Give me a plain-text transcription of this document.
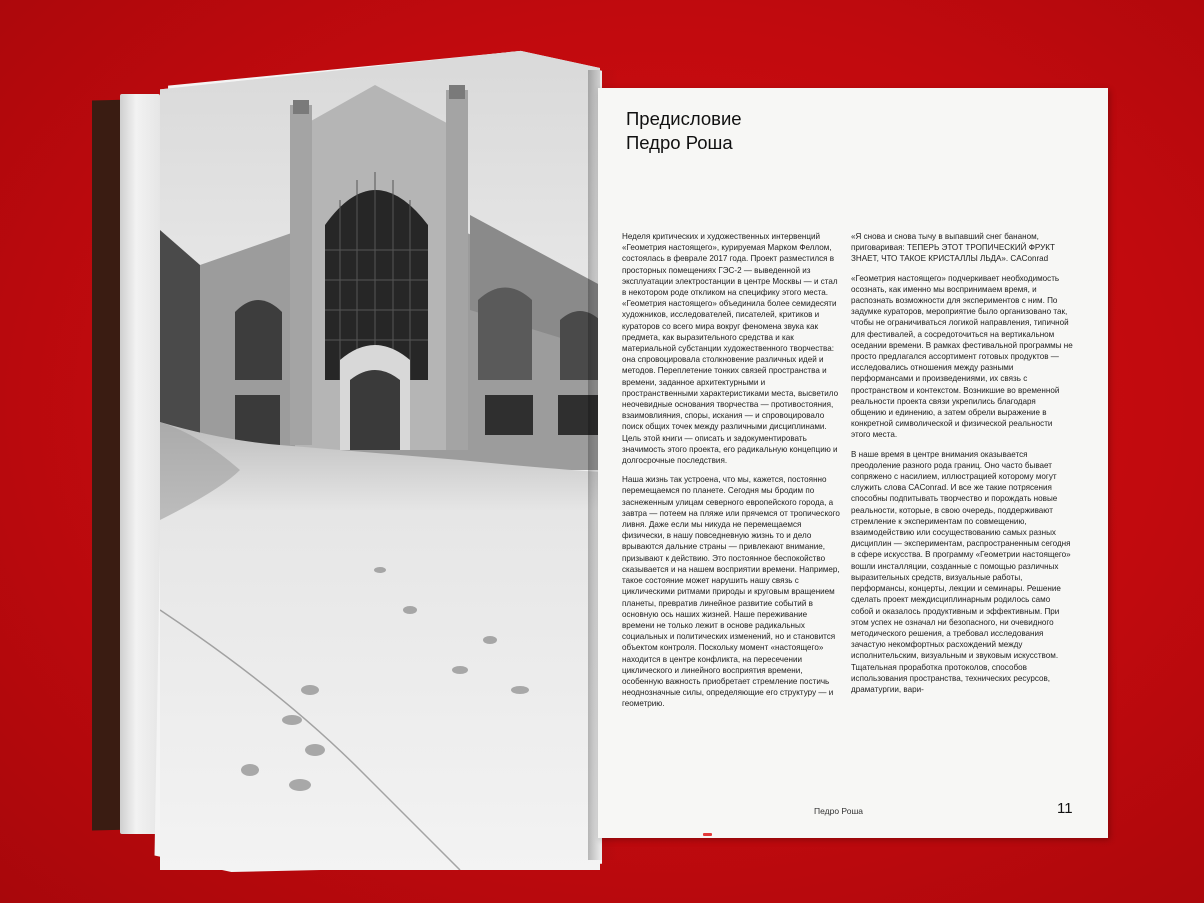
Предисловие
Педро Роша

Неделя критических и художественных интервенций «Геометрия настоящего», курируемая Марком Феллом, состоялась в феврале 2017 года. Проект разместился в просторных помещениях ГЭС-2 — выведенной из эксплуатации электростанции в центре Москвы — и стал в некотором роде откликом на специфику этого места. «Геометрия настоящего» объединила более семидесяти художников, исследователей, писателей, критиков и кураторов со всего мира вокруг феномена звука как предмета, как выразительного средства и как материальной субстанции художественного творчества: она спровоцировала столкновение различных идей и методов. Переплетение тонких связей пространства и времени, заданное архитектурными и пространственными характеристиками места, высветило неочевидные основания творчества — противостояния, взаимовлияния, споры, искания — и спровоцировало поиск общих точек между различными дисциплинами. Цель этой книги — описать и задокументировать значимость этого проекта, его радикальную концепцию и долгосрочные последствия.

Наша жизнь так устроена, что мы, кажется, постоянно перемещаемся по планете. Сегодня мы бродим по заснеженным улицам северного европейского города, а завтра — потеем на пляже или прячемся от тропического ливня. Даже если мы никуда не перемещаемся физически, в нашу повседневную жизнь то и дело врываются дальние страны — привлекают внимание, призывают к действию. Это постоянное беспокойство сказывается и на нашем восприятии времени. Например, такое состояние может нарушить нашу связь с циклическими ритмами природы и круговым вращением планеты, превратив линейное развитие событий в основную ось наших жизней. Наше переживание времени не только лежит в основе радикальных социальных и политических изменений, но и становится объектом контроля. Поскольку момент «настоящего» находится в центре конфликта, на пересечении циклического и линейного восприятия времени, особенную важность приобретает стремление постичь неоднозначные силы, определяющие его структуру — и геометрию.

«Я снова и снова тычу в выпавший снег бананом, приговаривая: ТЕПЕРЬ ЭТОТ ТРОПИЧЕСКИЙ ФРУКТ ЗНАЕТ, ЧТО ТАКОЕ КРИСТАЛЛЫ ЛЬДА». CAConrad

«Геометрия настоящего» подчеркивает необходимость осознать, как именно мы воспринимаем время, и распознать возможности для экспериментов с ним. По задумке кураторов, мероприятие было организовано так, чтобы не ограничиваться логикой направления, типичной для фестивалей, а сосредоточиться на вертикальном оседании времени. В рамках фестивальной программы не просто предлагался ассортимент готовых продуктов — исследовались отношения между разными перформансами и произведениями, их связь с пространством и контекстом. Возникшие во временной реальности проекта связи укрепились благодаря общению и единению, а затем обрели выражение в конкретной символической и физической реальности этого места.

В наше время в центре внимания оказывается преодоление разного рода границ. Оно часто бывает сопряжено с насилием, иллюстрацией которому могут служить слова CAConrad. И все же такие потрясения способны подпитывать творчество и порождать новые реальности, которые, в свою очередь, поддерживают стремление к экспериментам по совмещению, взаимодействию или сосуществованию самых разных дисциплин — экспериментам, распространенным сегодня в сфере искусства. В программу «Геометрии настоящего» вошли инсталляции, созданные с помощью различных выразительных средств, визуальные работы, перформансы, концерты, лекции и семинары. Решение сделать проект междисциплинарным родилось само собой и оказалось продуктивным и эффективным. При этом успех не означал ни безопасного, ни очевидного методического решения, а требовал исследования зачастую некомфортных расхождений между исполнительским, визуальным и звуковым искусством. Тщательная проработка протоколов, способов использования пространства, технических ресурсов, драматургии, вари-

Педро Роша	11
